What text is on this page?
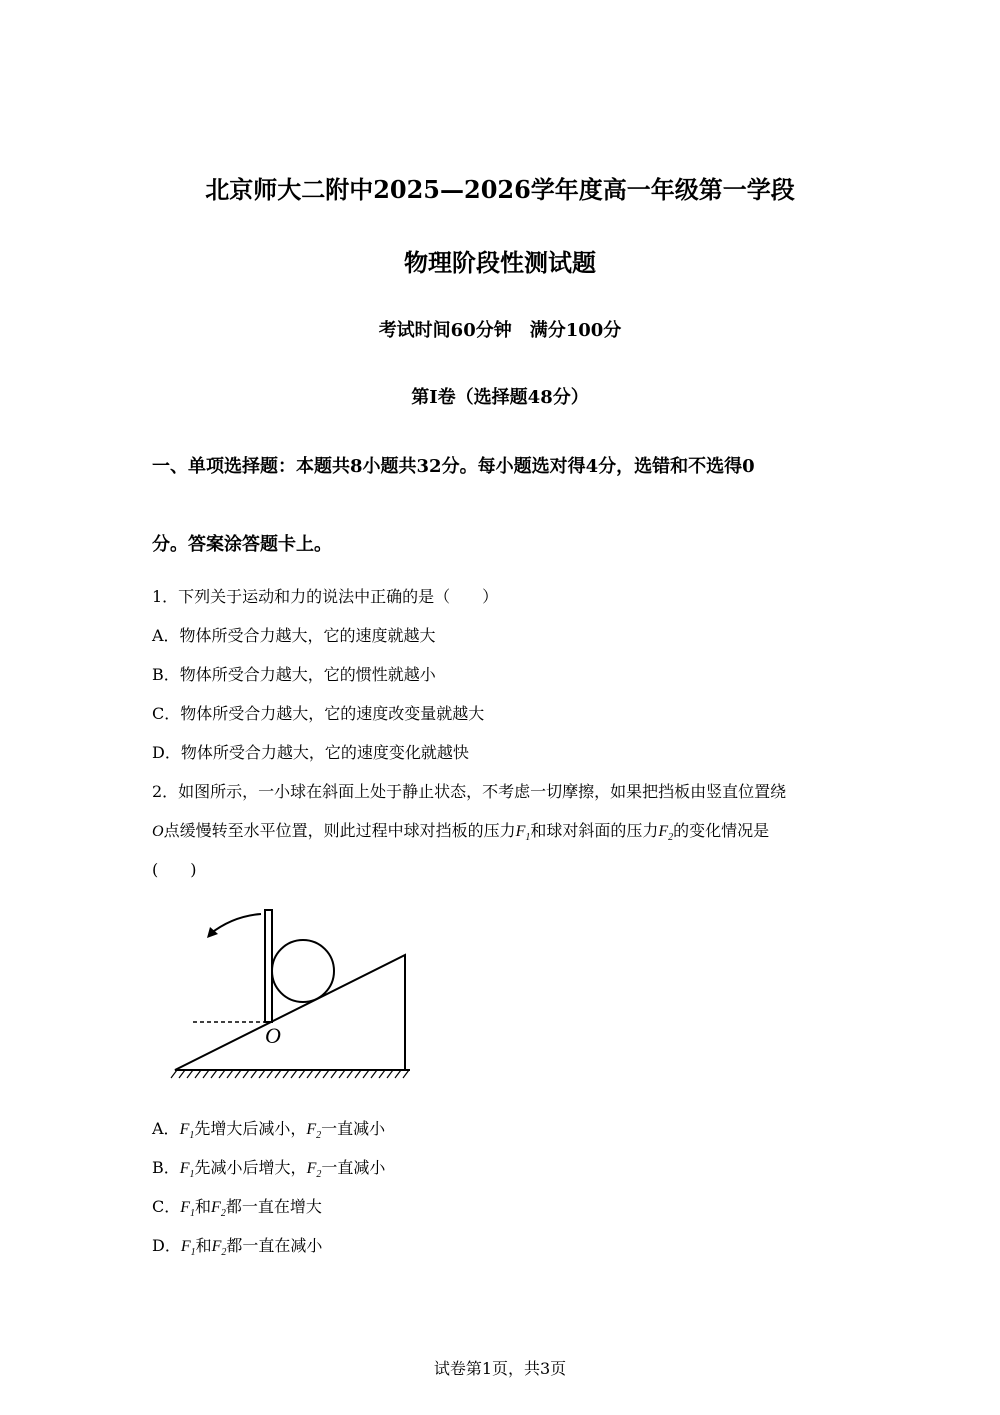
北京师大二附中2025—2026学年度高一年级第一学段
物理阶段性测试题
考试时间60分钟　满分100分
第I卷（选择题48分）
一、单项选择题：本题共8小题共32分。每小题选对得4分，选错和不选得0
分。答案涂答题卡上。
1．下列关于运动和力的说法中正确的是（　　）
A．物体所受合力越大，它的速度就越大
B．物体所受合力越大，它的惯性就越小
C．物体所受合力越大，它的速度改变量就越大
D．物体所受合力越大，它的速度变化就越快
2．如图所示，一小球在斜面上处于静止状态，不考虑一切摩擦，如果把挡板由竖直位置绕
O点缓慢转至水平位置，则此过程中球对挡板的压力$F_1$和球对斜面的压力$F_2$的变化情况是
(　　)
O
A．$F_1$先增大后减小，$F_2$一直减小
B．$F_1$先减小后增大，$F_2$一直减小
C．$F_1$和$F_2$都一直在增大
D．$F_1$和$F_2$都一直在减小
试卷第1页，共3页
